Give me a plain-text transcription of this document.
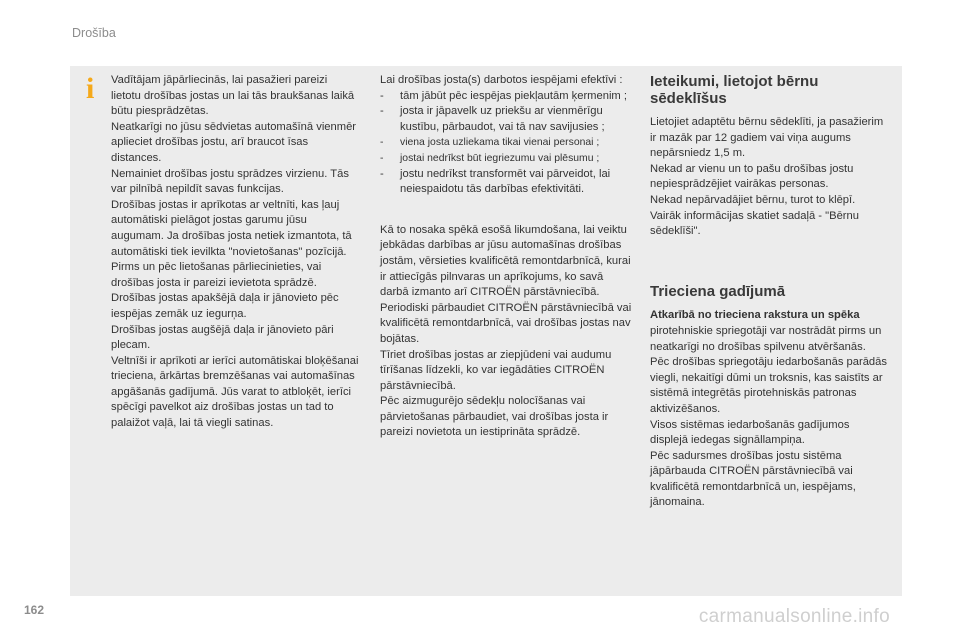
Drošība
i Vadītājam jāpārliecinās, lai pasažieri pareizi lietotu drošības jostas un lai tās braukšanas laikā būtu piesprādzētas.

Neatkarīgi no jūsu sēdvietas automašīnā vienmēr aplieciet drošības jostu, arī braucot īsas distances.

Nemainiet drošības jostu sprādzes virzienu. Tās var pilnībā nepildīt savas funkcijas.

Drošības jostas ir aprīkotas ar veltnīti, kas ļauj automātiski pielāgot jostas garumu jūsu augumam. Ja drošības josta netiek izmantota, tā automātiski tiek ievilkta "novietošanas" pozīcijā.

Pirms un pēc lietošanas pārliecinieties, vai drošības josta ir pareizi ievietota sprādzē.

Drošības jostas apakšējā daļa ir jānovieto pēc iespējas zemāk uz iegurņa.

Drošības jostas augšējā daļa ir jānovieto pāri plecam.

Veltnīši ir aprīkoti ar ierīci automātiskai bloķēšanai trieciena, ārkārtas bremzēšanas vai automašīnas apgāšanās gadījumā. Jūs varat to atbloķēt, ierīci spēcīgi pavelkot aiz drošības jostas un tad to palaižot vaļā, lai tā viegli satinas.

Lai drošības josta(s) darbotos iespējami efektīvi :

- tām jābūt pēc iespējas piekļautām ķermenim ;
- josta ir jāpavelk uz priekšu ar vienmērīgu kustību, pārbaudot, vai tā nav savijusies ;
- viena josta uzliekama tikai vienai personai ;
- jostai nedrīkst būt iegriezumu vai plēsumu ;
- jostu nedrīkst transformēt vai pārveidot, lai neiespaidotu tās darbības efektivitāti.

Kā to nosaka spēkā esošā likumdošana, lai veiktu jebkādas darbības ar jūsu automašīnas drošības jostām, vērsieties kvalificētā remontdarbnīcā, kurai ir attiecīgās pilnvaras un aprīkojums, ko savā darbā izmanto arī CITROËN pārstāvniecībā.

Periodiski pārbaudiet CITROËN pārstāvniecībā vai kvalificētā remontdarbnīcā, vai drošības jostas nav bojātas.

Tīriet drošības jostas ar ziepjūdeni vai audumu tīrīšanas līdzekli, ko var iegādāties CITROËN pārstāvniecībā.

Pēc aizmugurējo sēdekļu nolocīšanas vai pārvietošanas pārbaudiet, vai drošības josta ir pareizi novietota un iestiprināta sprādzē.

Ieteikumi, lietojot bērnu sēdeklīšus

Lietojiet adaptētu bērnu sēdeklīti, ja pasažierim ir mazāk par 12 gadiem vai viņa augums nepārsniedz 1,5 m.

Nekad ar vienu un to pašu drošības jostu nepiesprādzējiet vairākas personas.

Nekad nepārvadājiet bērnu, turot to klēpī.

Vairāk informācijas skatiet sadaļā - "Bērnu sēdeklīši".

Trieciena gadījumā

Atkarībā no trieciena rakstura un spēka pirotehniskie spriegotāji var nostrādāt pirms un neatkarīgi no drošības spilvenu atvēršanās. Pēc drošības spriegotāju iedarbošanās parādās viegli, nekaitīgi dūmi un troksnis, kas saistīts ar sistēmā integrētās pirotehniskās patronas aktivizēšanos.

Visos sistēmas iedarbošanās gadījumos displejā iedegas signāllampiņa.

Pēc sadursmes drošības jostu sistēma jāpārbauda CITROËN pārstāvniecībā vai kvalificētā remontdarbnīcā un, iespējams, jānomaina.

162	carmanualsonline.info
